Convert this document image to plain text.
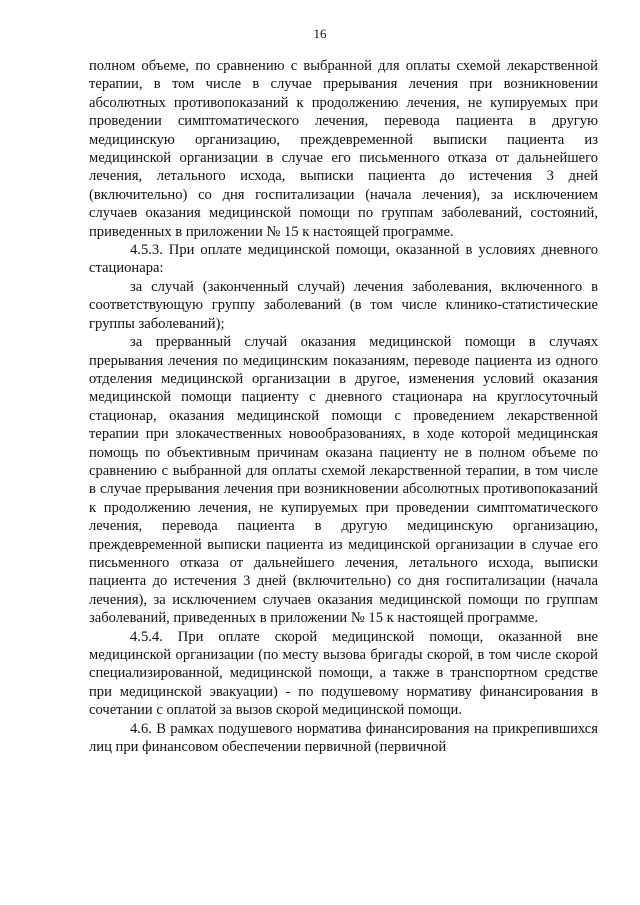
16

полном объеме, по сравнению с выбранной для оплаты схемой лекарственной терапии, в том числе в случае прерывания лечения при возникновении абсолютных противопоказаний к продолжению лечения, не купируемых при проведении симптоматического лечения, перевода пациента в другую медицинскую организацию, преждевременной выписки пациента из медицинской организации в случае его письменного отказа от дальнейшего лечения, летального исхода, выписки пациента до истечения 3 дней (включительно) со дня госпитализации (начала лечения), за исключением случаев оказания медицинской помощи по группам заболеваний, состояний, приведенных в приложении № 15 к настоящей программе.

4.5.3. При оплате медицинской помощи, оказанной в условиях дневного стационара:

за случай (законченный случай) лечения заболевания, включенного в соответствующую группу заболеваний (в том числе клинико-статистические группы заболеваний);

за прерванный случай оказания медицинской помощи в случаях прерывания лечения по медицинским показаниям, переводе пациента из одного отделения медицинской организации в другое, изменения условий оказания медицинской помощи пациенту с дневного стационара на круглосуточный стационар, оказания медицинской помощи с проведением лекарственной терапии при злокачественных новообразованиях, в ходе которой медицинская помощь по объективным причинам оказана пациенту не в полном объеме по сравнению с выбранной для оплаты схемой лекарственной терапии, в том числе в случае прерывания лечения при возникновении абсолютных противопоказаний к продолжению лечения, не купируемых при проведении симптоматического лечения, перевода пациента в другую медицинскую организацию, преждевременной выписки пациента из медицинской организации в случае его письменного отказа от дальнейшего лечения, летального исхода, выписки пациента до истечения 3 дней (включительно) со дня госпитализации (начала лечения), за исключением случаев оказания медицинской помощи по группам заболеваний, приведенных в приложении № 15 к настоящей программе.

4.5.4. При оплате скорой медицинской помощи, оказанной вне медицинской организации (по месту вызова бригады скорой, в том числе скорой специализированной, медицинской помощи, а также в транспортном средстве при медицинской эвакуации) - по подушевому нормативу финансирования в сочетании с оплатой за вызов скорой медицинской помощи.

4.6. В рамках подушевого норматива финансирования на прикрепившихся лиц при финансовом обеспечении первичной (первичной
